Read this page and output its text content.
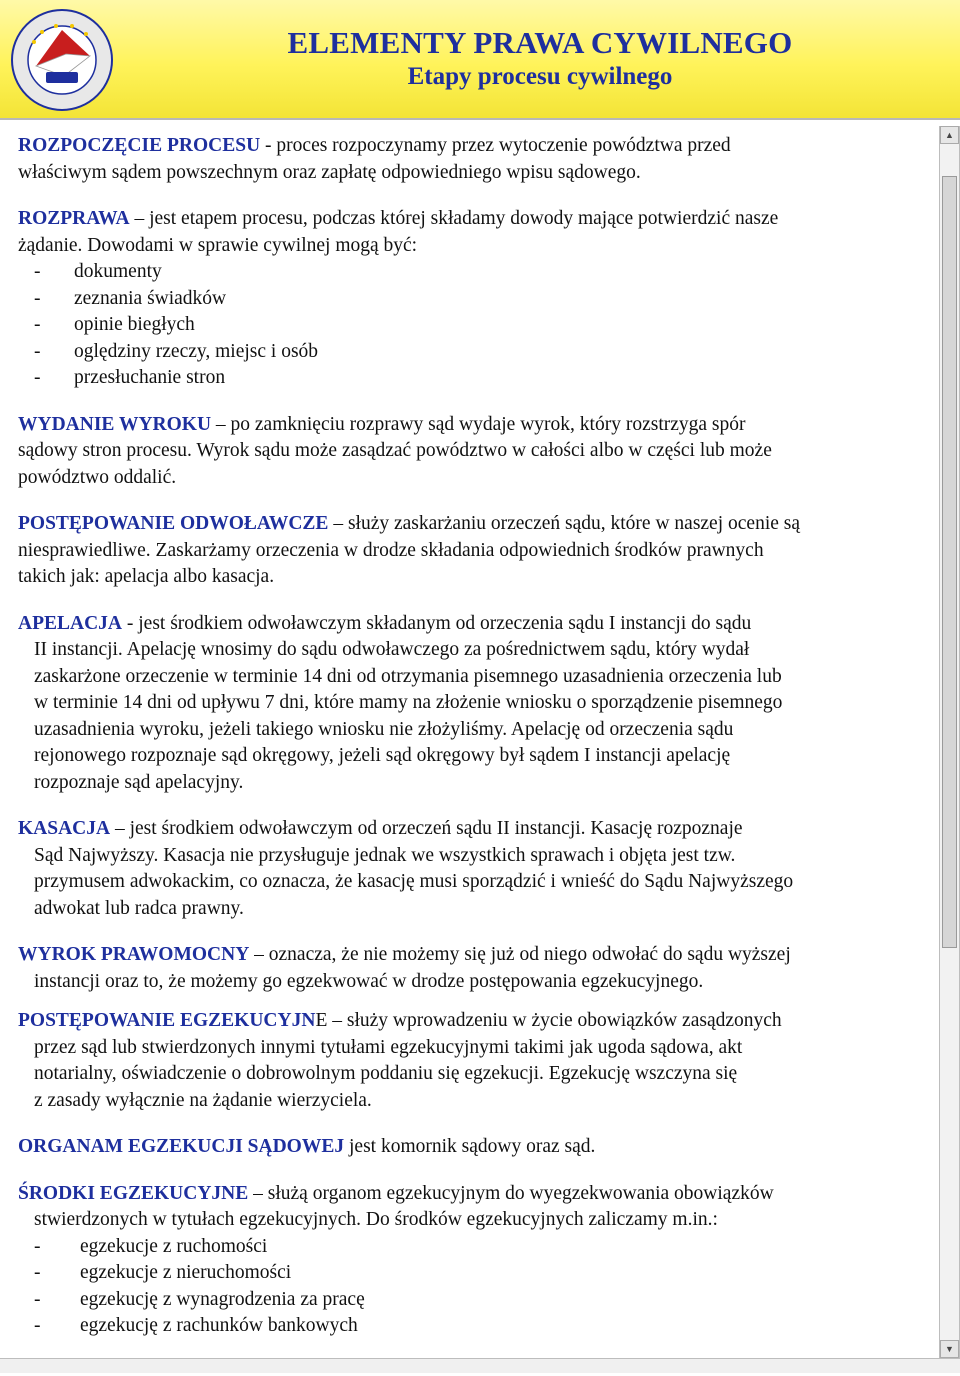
ELEMENTY PRAWA CYWILNEGO
Etapy procesu cywilnego

ROZPOCZĘCIE PROCESU - proces rozpoczynamy przez wytoczenie powództwa przed
właściwym sądem powszechnym oraz zapłatę odpowiedniego wpisu sądowego.

ROZPRAWA – jest etapem procesu, podczas której składamy dowody mające potwierdzić nasze
żądanie. Dowodami w sprawie cywilnej mogą być:

- dokumenty
- zeznania świadków
- opinie biegłych
- oględziny rzeczy, miejsc i osób
- przesłuchanie stron

WYDANIE WYROKU – po zamknięciu rozprawy sąd wydaje wyrok, który rozstrzyga spór
sądowy stron procesu. Wyrok sądu może zasądzać powództwo w całości albo w części lub może
powództwo oddalić.

POSTĘPOWANIE ODWOŁAWCZE – służy zaskarżaniu orzeczeń sądu, które w naszej ocenie są
niesprawiedliwe. Zaskarżamy orzeczenia w drodze składania odpowiednich środków prawnych
takich jak: apelacja albo kasacja.

APELACJA - jest środkiem odwoławczym składanym od orzeczenia sądu I instancji do sądu
II instancji. Apelację wnosimy do sądu odwoławczego za pośrednictwem sądu, który wydał
zaskarżone orzeczenie w terminie 14 dni od otrzymania pisemnego uzasadnienia orzeczenia lub
w terminie 14 dni od upływu 7 dni, które mamy na złożenie wniosku o sporządzenie pisemnego
uzasadnienia wyroku, jeżeli takiego wniosku nie złożyliśmy. Apelację od orzeczenia sądu
rejonowego rozpoznaje sąd okręgowy, jeżeli sąd okręgowy był sądem I instancji apelację
rozpoznaje sąd apelacyjny.

KASACJA – jest środkiem odwoławczym od orzeczeń sądu II instancji. Kasację rozpoznaje
Sąd Najwyższy. Kasacja nie przysługuje jednak we wszystkich sprawach i objęta jest tzw.
przymusem adwokackim, co oznacza, że kasację musi sporządzić i wnieść do Sądu Najwyższego
adwokat lub radca prawny.

WYROK PRAWOMOCNY – oznacza, że nie możemy się już od niego odwołać do sądu wyższej
instancji oraz to, że możemy go egzekwować w drodze postępowania egzekucyjnego.

POSTĘPOWANIE EGZEKUCYJNE – służy wprowadzeniu w życie obowiązków zasądzonych
przez sąd lub stwierdzonych innymi tytułami egzekucyjnymi takimi jak ugoda sądowa, akt
notarialny, oświadczenie o dobrowolnym poddaniu się egzekucji. Egzekucję wszczyna się
z zasady wyłącznie na żądanie wierzyciela.

ORGANAM EGZEKUCJI SĄDOWEJ jest komornik sądowy oraz sąd.

ŚRODKI EGZEKUCYJNE – służą organom egzekucyjnym do wyegzekwowania obowiązków
stwierdzonych w tytułach egzekucyjnych. Do środków egzekucyjnych zaliczamy m.in.:

- egzekucje z ruchomości
- egzekucje z nieruchomości
- egzekucję z wynagrodzenia za pracę
- egzekucję z rachunków bankowych
▲
▼
